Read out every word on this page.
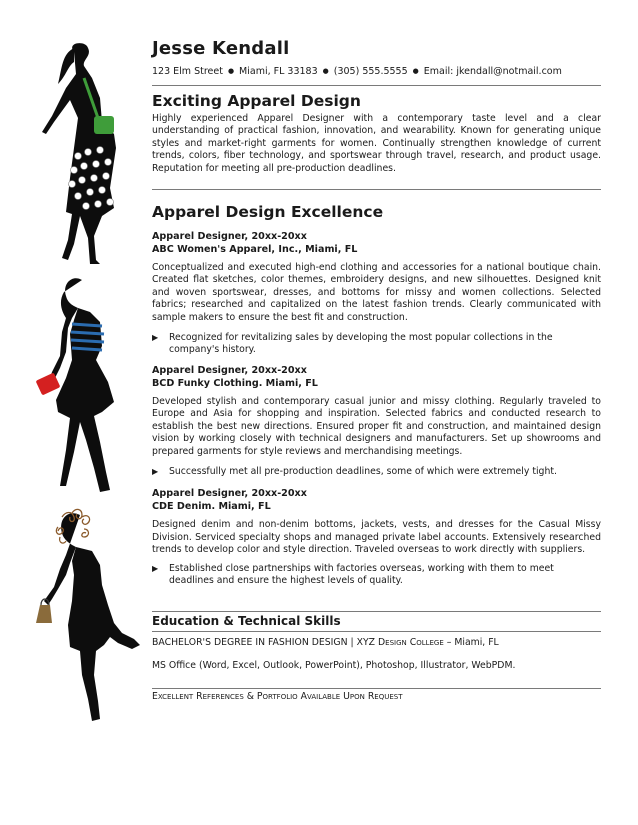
Jesse Kendall
123 Elm Street ● Miami, FL 33183 ● (305) 555.5555 ● Email: jkendall@notmail.com
Exciting Apparel Design

Highly experienced Apparel Designer with a contemporary taste level and a clear understanding of practical fashion, innovation, and wearability. Known for generating unique styles and market-right garments for women. Continually strengthen knowledge of current trends, colors, fiber technology, and sportswear through travel, research, and product usage. Reputation for meeting all pre-production deadlines.

Apparel Design Excellence

Apparel Designer, 20xx-20xx

ABC Women's Apparel, Inc., Miami, FL

Conceptualized and executed high-end clothing and accessories for a national boutique chain. Created flat sketches, color themes, embroidery designs, and new silhouettes. Designed knit and woven sportswear, dresses, and bottoms for missy and women collections. Selected fabrics; researched and capitalized on the latest fashion trends. Clearly communicated with sample makers to ensure the best fit and construction.

▶	Recognized for revitalizing sales by developing the most popular collections in the company's history.

Apparel Designer, 20xx-20xx

BCD Funky Clothing. Miami, FL

Developed stylish and contemporary casual junior and missy clothing. Regularly traveled to Europe and Asia for shopping and inspiration. Selected fabrics and conducted research to establish the best new directions. Ensured proper fit and construction, and maintained design vision by working closely with technical designers and manufacturers. Set up showrooms and prepared garments for style reviews and merchandising meetings.

▶	Successfully met all pre-production deadlines, some of which were extremely tight.

Apparel Designer, 20xx-20xx

CDE Denim. Miami, FL

Designed denim and non-denim bottoms, jackets, vests, and dresses for the Casual Missy Division. Serviced specialty shops and managed private label accounts. Extensively researched trends to develop color and style direction. Traveled overseas to work directly with suppliers.

▶	Established close partnerships with factories overseas, working with them to meet deadlines and ensure the highest levels of quality.
Education & Technical Skills

BACHELOR'S DEGREE IN FASHION DESIGN | XYZ Design College – Miami, FL

MS Office (Word, Excel, Outlook, PowerPoint), Photoshop, Illustrator, WebPDM.

Excellent References & Portfolio Available Upon Request
